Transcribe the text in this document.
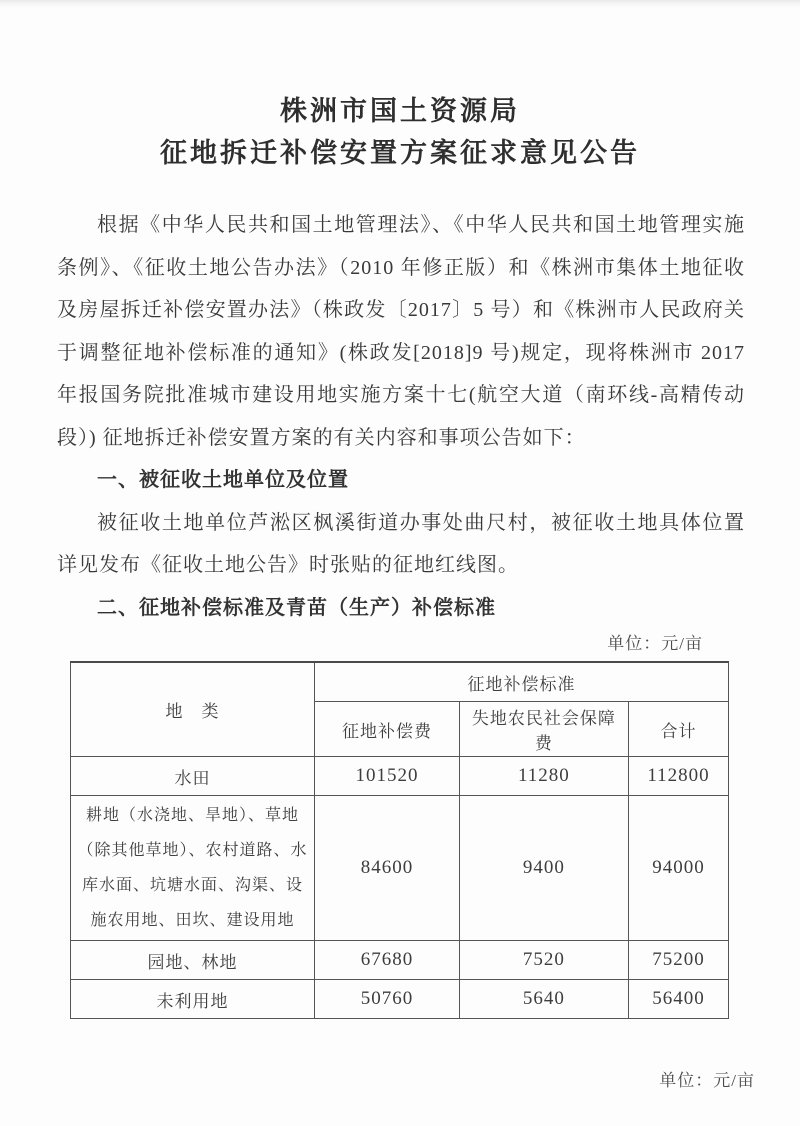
株洲市国土资源局
征地拆迁补偿安置方案征求意见公告

根据《中华人民共和国土地管理法》、《中华人民共和国土地管理实施条例》、《征收土地公告办法》（2010 年修正版）和《株洲市集体土地征收及房屋拆迁补偿安置办法》（株政发〔2017〕5 号）和《株洲市人民政府关于调整征地补偿标准的通知》(株政发[2018]9 号)规定，现将株洲市 2017 年报国务院批准城市建设用地实施方案十七(航空大道（南环线-高精传动段）) 征地拆迁补偿安置方案的有关内容和事项公告如下：

一、被征收土地单位及位置

被征收土地单位芦淞区枫溪街道办事处曲尺村，被征收土地具体位置详见发布《征收土地公告》时张贴的征地红线图。

二、征地补偿标准及青苗（生产）补偿标准

单位：元/亩
地　类	征地补偿标准		
	征地补偿费	失地农民社会保障费	合计
水田	101520	11280	112800
耕地（水浇地、旱地）、草地（除其他草地）、农村道路、水库水面、坑塘水面、沟渠、设施农用地、田坎、建设用地	84600	9400	94000
园地、林地	67680	7520	75200
未利用地	50760	5640	56400
单位：元/亩
